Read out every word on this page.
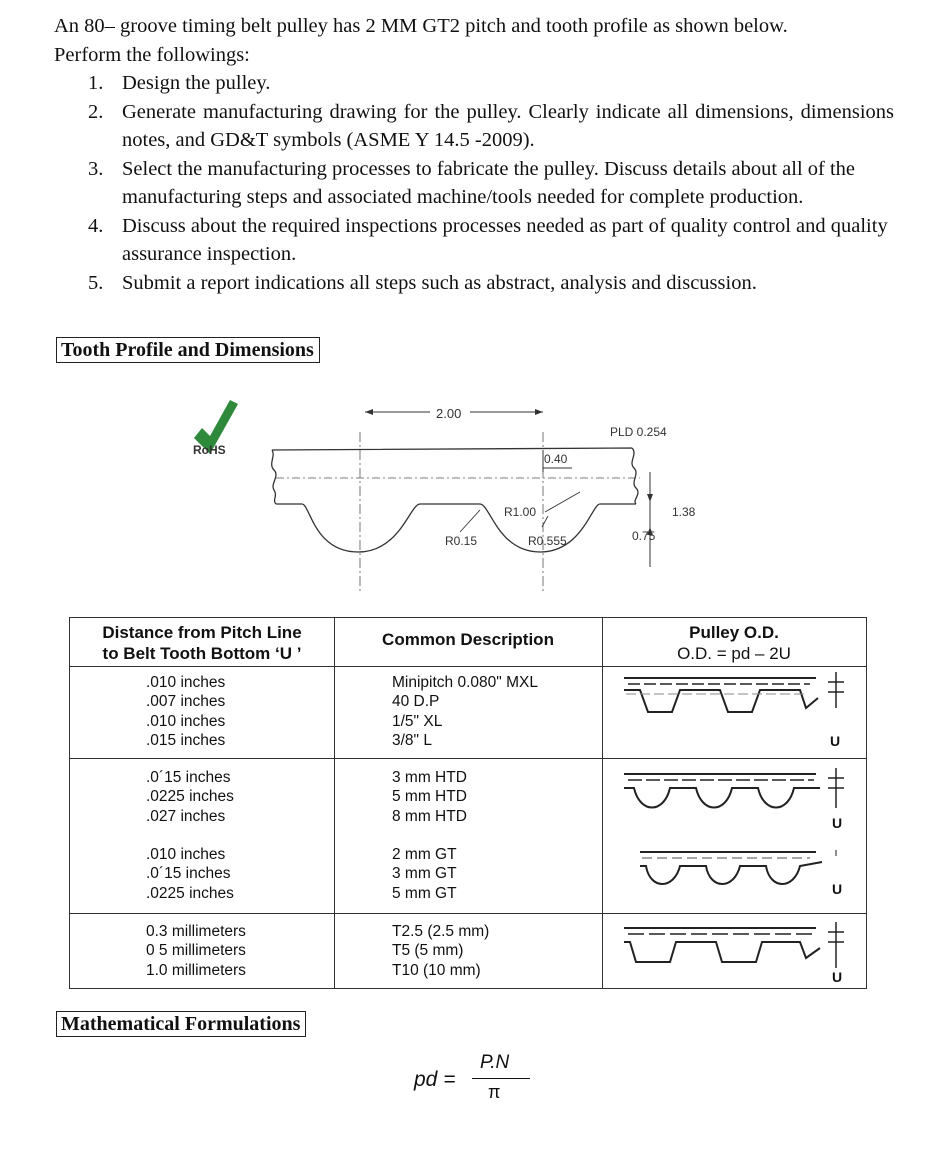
An 80– groove timing belt pulley has 2 MM GT2 pitch and tooth profile as shown below.

Perform the followings:

1. Design the pulley.
2. Generate manufacturing drawing for the pulley. Clearly indicate all dimensions, dimensions notes, and GD&T symbols (ASME Y 14.5 -2009).
3. Select the manufacturing processes to fabricate the pulley. Discuss details about all of the manufacturing steps and associated machine/tools needed for complete production.
4. Discuss about the required inspections processes needed as part of quality control and quality assurance inspection.
5. Submit a report indications all steps such as abstract, analysis and discussion.
Tooth Profile and Dimensions
RoHS
2.00
0.40
R1.00
R0.15	R0.555
PLD 0.254
1.38
0.75
Distance from Pitch Line
to Belt Tooth Bottom ‘U ’
Common Description	Pulley O.D.
O.D. = pd – 2U
.010 inches
.007 inches
.010 inches
.015 inches
Minipitch 0.080" MXL
40 D.P
1/5" XL
3/8" L
.0´15 inches
.0225 inches
.027 inches
3 mm HTD
5 mm HTD
8 mm HTD
.010 inches
.0´15 inches
.0225 inches
2 mm GT
3 mm GT
5 mm GT
0.3 millimeters
0 5 millimeters
1.0 millimeters
T2.5 (2.5 mm)
T5 (5 mm)
T10 (10 mm)
U
U
U
U
Mathematical Formulations
pd =
P.N
π
